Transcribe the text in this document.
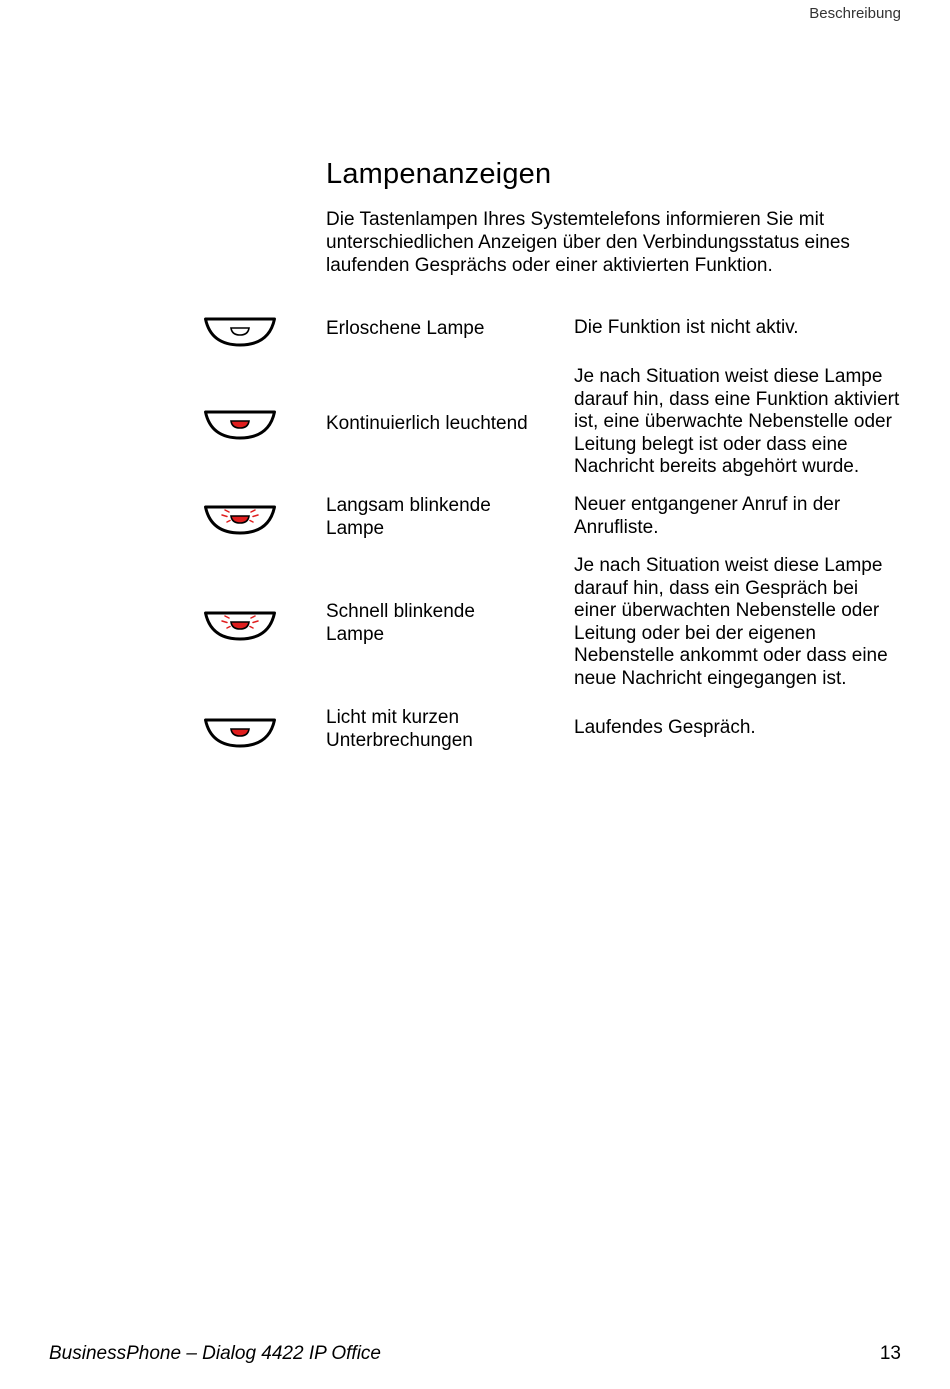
Beschreibung
Lampenanzeigen

Die Tastenlampen Ihres Systemtelefons informieren Sie mit
unterschiedlichen Anzeigen über den Verbindungsstatus eines
laufenden Gesprächs oder einer aktivierten Funktion.

Erloschene Lampe	Die Funktion ist nicht aktiv.
Kontinuierlich leuchtend
Je nach Situation weist diese Lampe
darauf hin, dass eine Funktion aktiviert
ist, eine überwachte Nebenstelle oder
Leitung belegt ist oder dass eine
Nachricht bereits abgehört wurde.
Langsam blinkende
Lampe
Neuer entgangener Anruf in der
Anrufliste.
Schnell blinkende
Lampe
Je nach Situation weist diese Lampe
darauf hin, dass ein Gespräch bei
einer überwachten Nebenstelle oder
Leitung oder bei der eigenen
Nebenstelle ankommt oder dass eine
neue Nachricht eingegangen ist.
Licht mit kurzen
Unterbrechungen
Laufendes Gespräch.
BusinessPhone – Dialog 4422 IP Office	13
